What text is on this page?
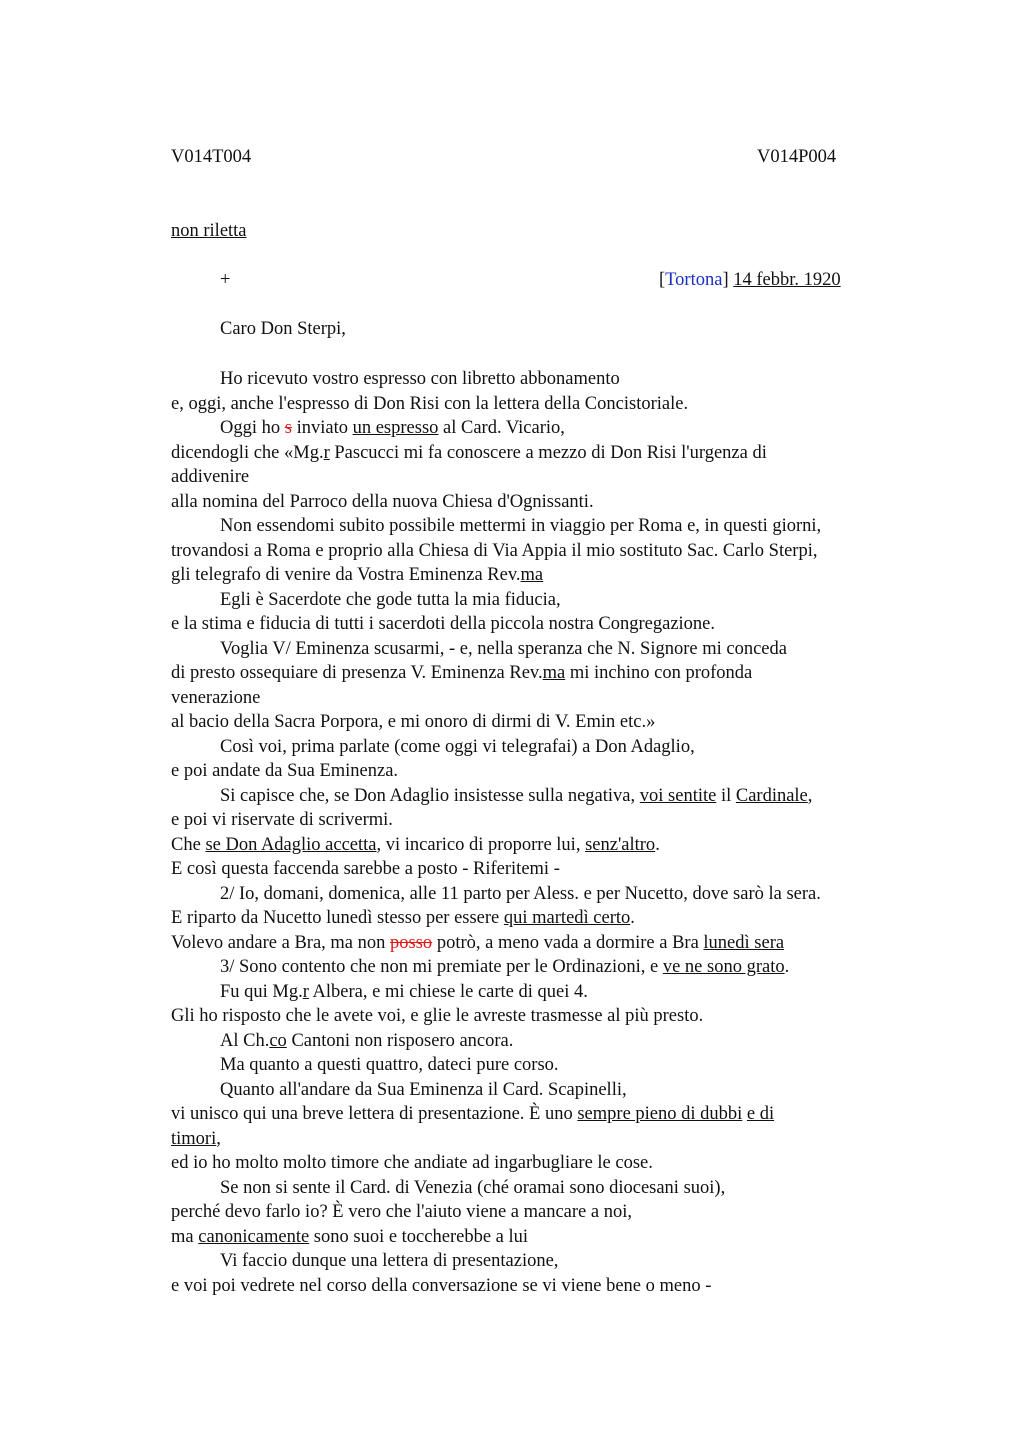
V014T004	V014P004
non riletta
+	[Tortona] 14 febbr. 1920
Caro Don Sterpi,
Ho ricevuto vostro espresso con libretto abbonamento
e, oggi, anche l'espresso di Don Risi con la lettera della Concistoriale.
Oggi ho s inviato un espresso al Card. Vicario,
dicendogli che «Mg.r Pascucci mi fa conoscere a mezzo di Don Risi l'urgenza di
addivenire
alla nomina del Parroco della nuova Chiesa d'Ognissanti.
Non essendomi subito possibile mettermi in viaggio per Roma e, in questi giorni,
trovandosi a Roma e proprio alla Chiesa di Via Appia il mio sostituto Sac. Carlo Sterpi,
gli telegrafo di venire da Vostra Eminenza Rev.ma
Egli è Sacerdote che gode tutta la mia fiducia,
e la stima e fiducia di tutti i sacerdoti della piccola nostra Congregazione.
Voglia V/ Eminenza scusarmi, - e, nella speranza che N. Signore mi conceda
di presto ossequiare di presenza V. Eminenza Rev.ma mi inchino con profonda
venerazione
al bacio della Sacra Porpora, e mi onoro di dirmi di V. Emin etc.»
Così voi, prima parlate (come oggi vi telegrafai) a Don Adaglio,
e poi andate da Sua Eminenza.
Si capisce che, se Don Adaglio insistesse sulla negativa, voi sentite il Cardinale,
e poi vi riservate di scrivermi.
Che se Don Adaglio accetta, vi incarico di proporre lui, senz'altro.
E così questa faccenda sarebbe a posto - Riferitemi -
2/ Io, domani, domenica, alle 11 parto per Aless. e per Nucetto, dove sarò la sera.
E riparto da Nucetto lunedì stesso per essere qui martedì certo.
Volevo andare a Bra, ma non posso potrò, a meno vada a dormire a Bra lunedì sera
3/ Sono contento che non mi premiate per le Ordinazioni, e ve ne sono grato.
Fu qui Mg.r Albera, e mi chiese le carte di quei 4.
Gli ho risposto che le avete voi, e glie le avreste trasmesse al più presto.
Al Ch.co Cantoni non risposero ancora.
Ma quanto a questi quattro, dateci pure corso.
Quanto all'andare da Sua Eminenza il Card. Scapinelli,
vi unisco qui una breve lettera di presentazione. È uno sempre pieno di dubbi e di
timori,
ed io ho molto molto timore che andiate ad ingarbugliare le cose.
Se non si sente il Card. di Venezia (ché oramai sono diocesani suoi),
perché devo farlo io? È vero che l'aiuto viene a mancare a noi,
ma canonicamente sono suoi e toccherebbe a lui
Vi faccio dunque una lettera di presentazione,
e voi poi vedrete nel corso della conversazione se vi viene bene o meno -
